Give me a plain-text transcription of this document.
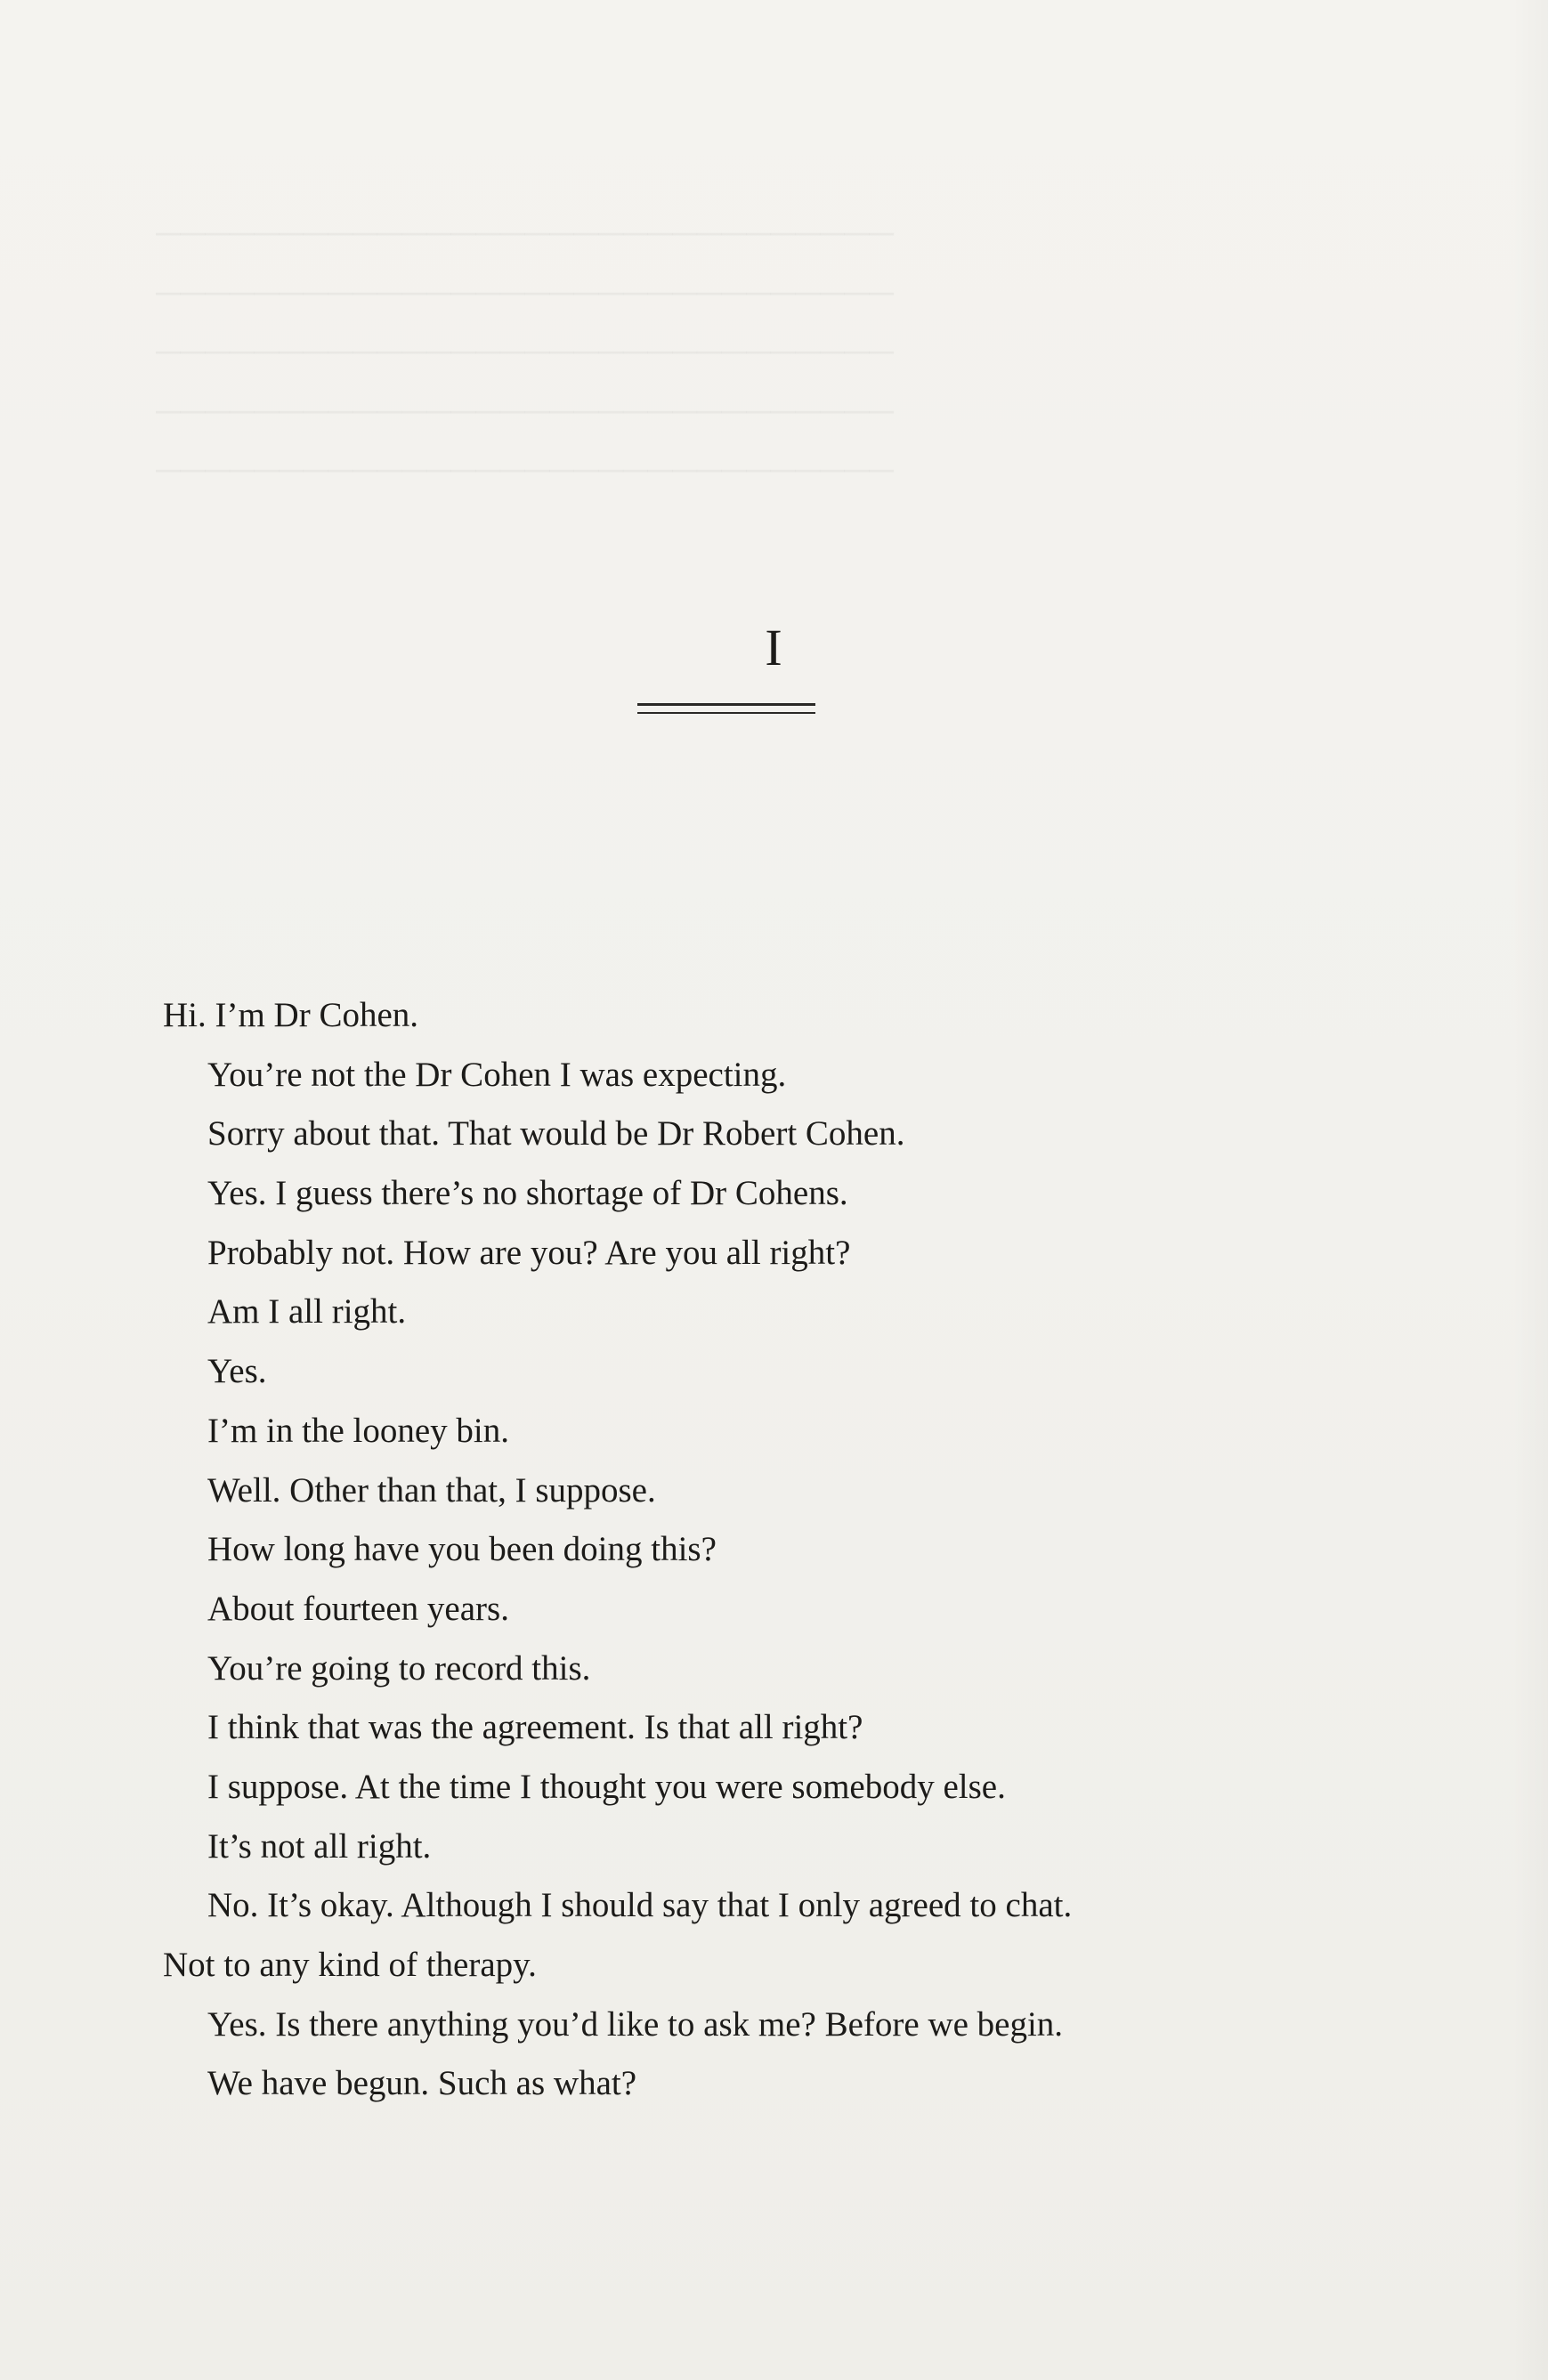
──────────────────────────────
──────────────────────────────
──────────────────────────────
──────────────────────────────
──────────────────────────────
I
Hi. I’m Dr Cohen.
You’re not the Dr Cohen I was expecting.
Sorry about that. That would be Dr Robert Cohen.
Yes. I guess there’s no shortage of Dr Cohens.
Probably not. How are you? Are you all right?
Am I all right.
Yes.
I’m in the looney bin.
Well. Other than that, I suppose.
How long have you been doing this?
About fourteen years.
You’re going to record this.
I think that was the agreement. Is that all right?
I suppose. At the time I thought you were somebody else.
It’s not all right.
No. It’s okay. Although I should say that I only agreed to chat.
Not to any kind of therapy.
Yes. Is there anything you’d like to ask me? Before we begin.
We have begun. Such as what?
